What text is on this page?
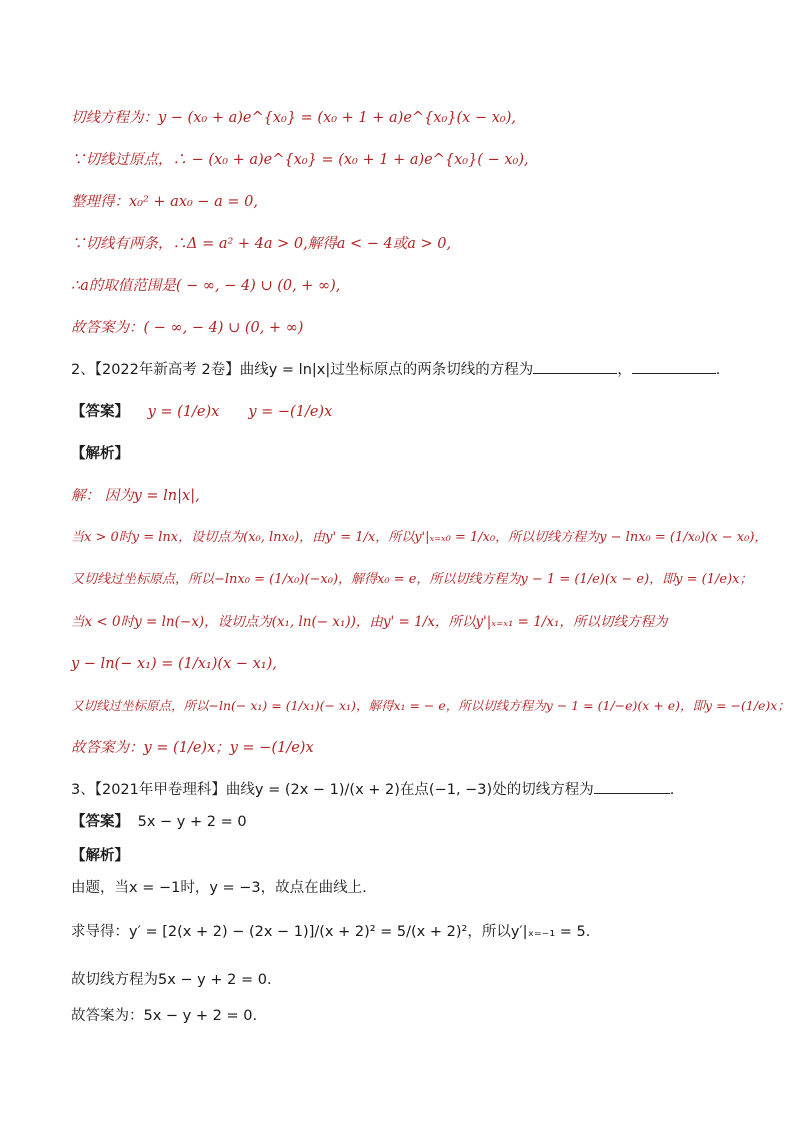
切线方程为：y − (x₀ + a)e^{x₀} = (x₀ + 1 + a)e^{x₀}(x − x₀),
∵切线过原点，∴ − (x₀ + a)e^{x₀} = (x₀ + 1 + a)e^{x₀}( − x₀),
整理得：x₀² + ax₀ − a = 0,
∵切线有两条，∴Δ = a² + 4a > 0,解得a < − 4或a > 0,
∴a的取值范围是( − ∞, − 4) ∪ (0, + ∞),
故答案为：( − ∞, − 4) ∪ (0, + ∞)
2、【2022年新高考 2卷】曲线y = ln|x|过坐标原点的两条切线的方程为	，	.
【答案】 y = (1/e)x　　y = −(1/e)x
【解析】
解： 因为y = ln|x|,
当x > 0时y = lnx，设切点为(x₀, lnx₀)，由y' = 1/x，所以y'|ₓ₌ₓ₀ = 1/x₀，所以切线方程为y − lnx₀ = (1/x₀)(x − x₀)，
又切线过坐标原点，所以−lnx₀ = (1/x₀)(−x₀)，解得x₀ = e，所以切线方程为y − 1 = (1/e)(x − e)，即y = (1/e)x；
当x < 0时y = ln(−x)，设切点为(x₁, ln(− x₁))，由y' = 1/x，所以y'|ₓ₌ₓ₁ = 1/x₁，所以切线方程为
y − ln(− x₁) = (1/x₁)(x − x₁),
又切线过坐标原点，所以−ln(− x₁) = (1/x₁)(− x₁)，解得x₁ = − e，所以切线方程为y − 1 = (1/−e)(x + e)，即y = −(1/e)x；
故答案为：y = (1/e)x；y = −(1/e)x
3、【2021年甲卷理科】曲线y = (2x − 1)/(x + 2)在点(−1, −3)处的切线方程为	.
【答案】 5x − y + 2 = 0
【解析】
由题，当x = −1时，y = −3，故点在曲线上.
求导得：y′ = [2(x + 2) − (2x − 1)]/(x + 2)² = 5/(x + 2)²，所以y′|ₓ₌₋₁ = 5.
故切线方程为5x − y + 2 = 0.
故答案为：5x − y + 2 = 0.
